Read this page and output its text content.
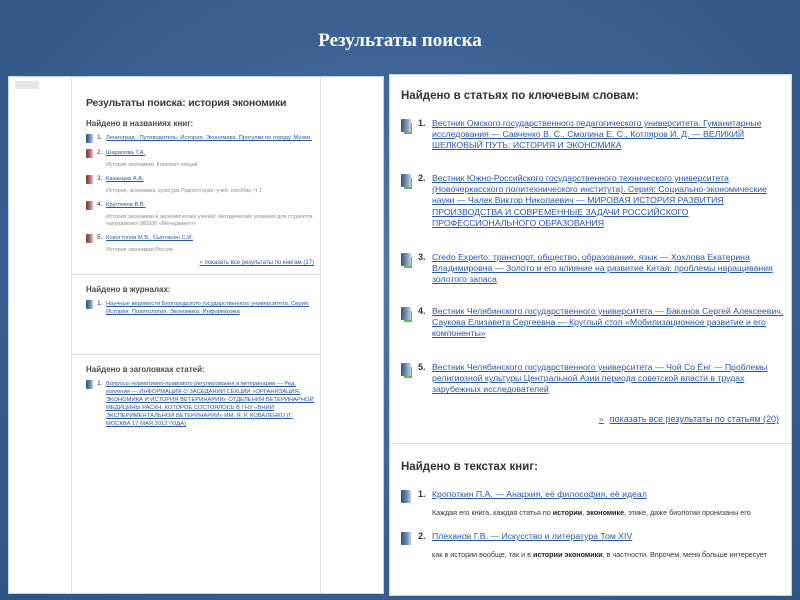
Результаты поиска
Результаты поиска: история экономики
Найдено в названиях книг:
1. Ленинград : Путеводитель: История. Экономика. Прогулки по городу. Музеи.
2. Шарапова Т.А.
История экономики. Конспект лекций
3. Казанцев А.А.
История, экономика, культура Родного края: учеб. пособие, Ч.1
4. Кругляков В.В.
История экономики и экономических учений: методические указания для студентов направления 080200 «Менеджмент»
5. Кокоттопов М.В., Сыптанин С.И.
История экономики России
» показать все результаты по книгам (17)
Найдено в журналах:
1. Научные ведомости Белгородского государственного университета. Серия: История. Политология. Экономика. Информатика
Найдено в заголовках статей:
1. Вопросы нормативно-правового регулирования в ветеринарии — Ред. коллегия — ИНФОРМАЦИЯ О ЗАСЕДАНИИ СЕКЦИИ «ОРГАНИЗАЦИЯ, ЭКОНОМИКА И ИСТОРИЯ ВЕТЕРИНАРИИ» ОТДЕЛЕНИЯ ВЕТЕРИНАРНОЙ МЕДИЦИНЫ РАСХН, КОТОРОЕ СОСТОЯЛОСЬ В ГНУ «ВНИИ ЭКСПЕРИМЕНТАЛЬНОЙ ВЕТЕРИНАРИИ» ИМ. Я. Р. КОВАЛЕНКО (Г. МОСКВА 17 МАЯ 2012 ГОДА)
Найдено в статьях по ключевым словам:
1. Вестник Омского государственного педагогического университета. Гуманитарные исследования — Савченко В. С., Смолина Е. С., Котляров И. Д. — ВЕЛИКИЙ ШЕЛКОВЫЙ ПУТЬ: ИСТОРИЯ И ЭКОНОМИКА
2. Вестник Южно-Российского государственного технического университета (Новочеркасского политехнического института). Серия: Социально-экономические науки — Чалек Виктор Николаевич — МИРОВАЯ ИСТОРИЯ РАЗВИТИЯ ПРОИЗВОДСТВА И СОВРЕМЕННЫЕ ЗАДАЧИ РОССИЙСКОГО ПРОФЕССИОНАЛЬНОГО ОБРАЗОВАНИЯ
3. Credo Experto: транспорт, общество, образование, язык — Хохлова Екатерина Владимировна — Золото и его влияние на развитие Китая: проблемы наращивания золотого запаса
4. Вестник Челябинского государственного университета — Баканов Сергей Алексеевич, Саукова Елизавета Сергеевна — Круглый стол «Мобилизационное развитие и его компоненты»
5. Вестник Челябинского государственного университета — Чой Со Ёнг — Проблемы религиозной культуры Центральной Азии периода советской власти в трудах зарубежных исследователей
» показать все результаты по статьям (20)
Найдено в текстах книг:
1. Кропоткин П.А. — Анархия, её философия, её идеал
Каждая его книга, каждая статья по истории, экономике, этике, даже биологии пронизаны его
2. Плеханов Г.В. — Искусство и литература Том XIV
как в истории вообще, так и в истории экономики, в частности. Впрочем, меня больше интересует
